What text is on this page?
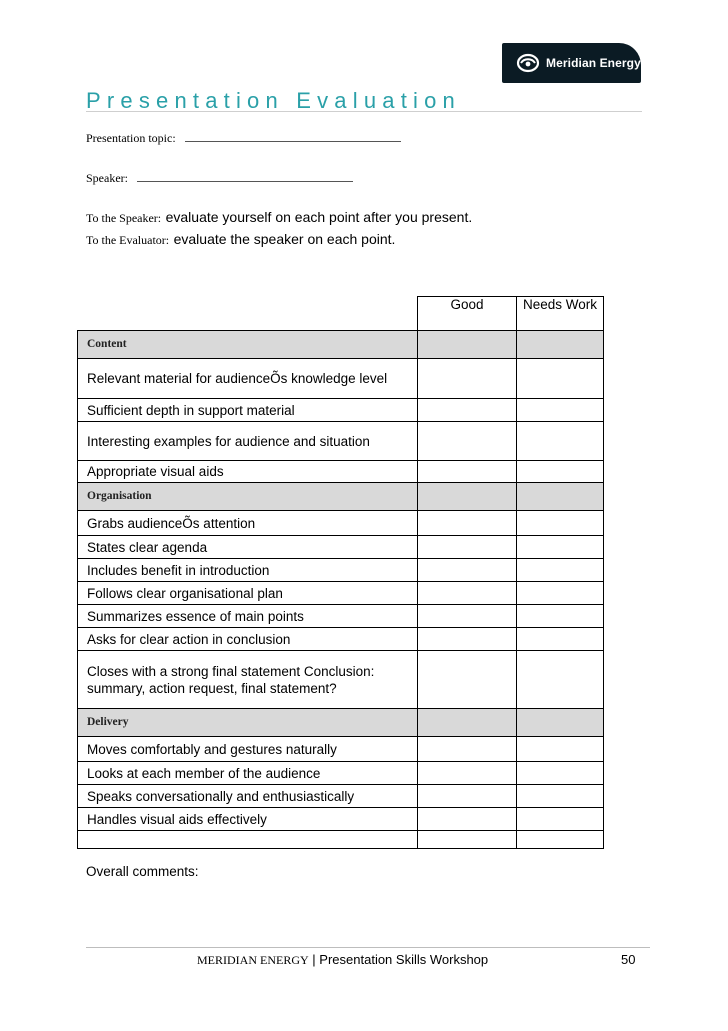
Meridian Energy
Presentation Evaluation
Presentation topic:
Speaker:
To the Speaker: evaluate yourself on each point after you present.
To the Evaluator: evaluate the speaker on each point.
	Good	Needs Work
Content		
Relevant material for audienceÕs knowledge level		
Sufficient depth in support material		
Interesting examples for audience and situation		
Appropriate visual aids		
Organisation		
Grabs audienceÕs attention		
States clear agenda		
Includes benefit in introduction		
Follows clear organisational plan		
Summarizes essence of main points		
Asks for clear action in conclusion		
Closes with a strong final statement Conclusion: summary, action request, final statement?		
Delivery		
Moves comfortably and gestures naturally		
Looks at each member of the audience		
Speaks conversationally and enthusiastically		
Handles visual aids effectively		

Overall comments:
MERIDIAN ENERGY | Presentation Skills Workshop	50
